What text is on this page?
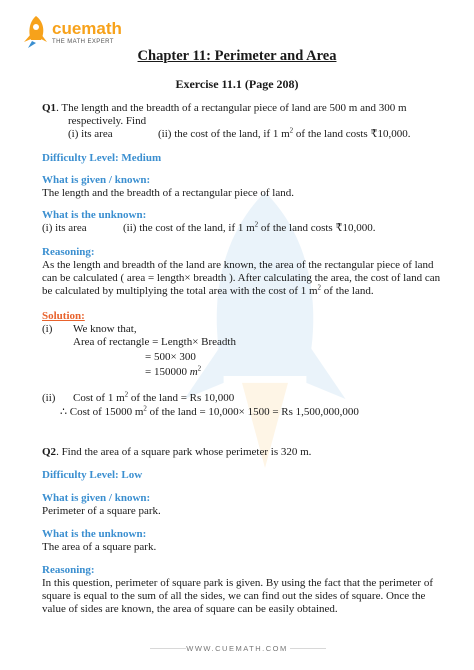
cuemath
THE MATH EXPERT
Chapter 11: Perimeter and Area
Exercise 11.1 (Page 208)
Q1. The length and the breadth of a rectangular piece of land are 500 m and 300 m
respectively. Find
(i) its area	(ii) the cost of the land, if 1 $m^2$ of the land costs ₹10,000.
Difficulty Level: Medium
What is given / known:
The length and the breadth of a rectangular piece of land.
What is the unknown:
(i) its area	(ii) the cost of the land, if 1 $m^2$ of the land costs ₹10,000.
Reasoning:
As the length and breadth of the land are known, the area of the rectangular piece of land
can be calculated ( area = length× breadth ). After calculating the area, the cost of land can
be calculated by multiplying the total area with the cost of 1 $m^2$ of the land.
Solution:
(i) We know that,
Area of rectangle = Length× Breadth
= 500× 300
= 150000 $m^2$
(ii) Cost of 1 $m^2$ of the land = Rs 10,000
∴ Cost of 15000 $m^2$ of the land = 10,000× 1500 = Rs 1,500,000,000
Q2. Find the area of a square park whose perimeter is 320 m.
Difficulty Level: Low
What is given / known:
Perimeter of a square park.
What is the unknown:
The area of a square park.
Reasoning:
In this question, perimeter of square park is given. By using the fact that the perimeter of
square is equal to the sum of all the sides, we can find out the sides of square. Once the
value of sides are known, the area of square can be easily obtained.
WWW.CUEMATH.COM
